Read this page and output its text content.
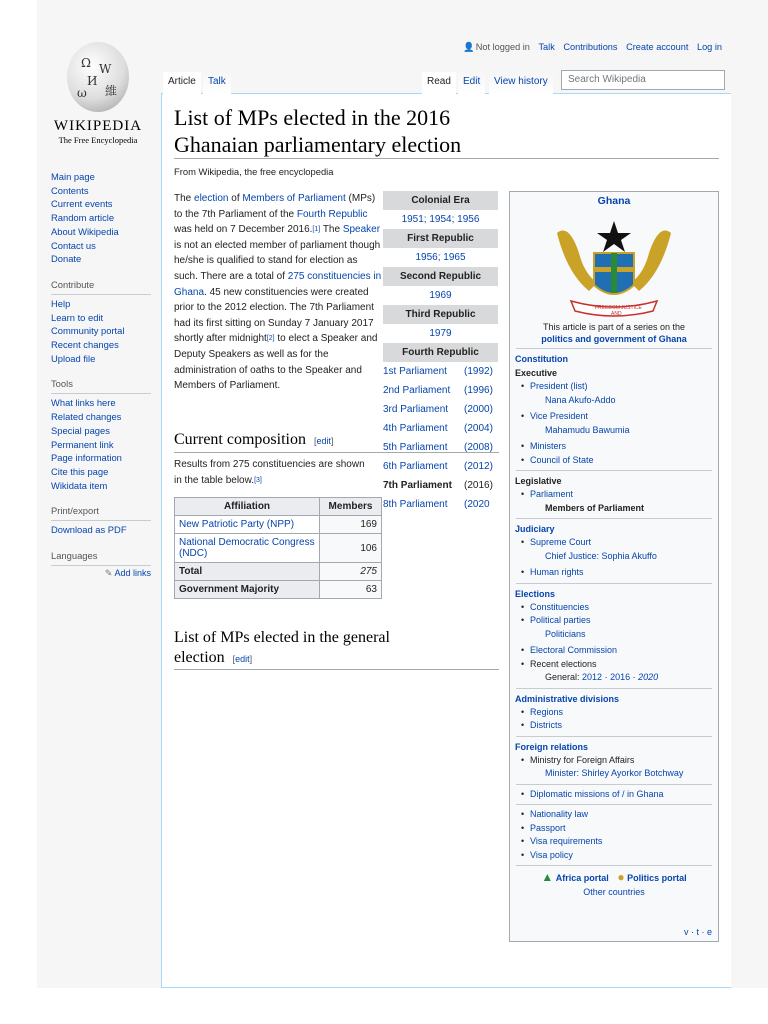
Ω W
И
維
ω
WIKIPEDIA
The Free Encyclopedia
👤Not logged in Talk Contributions Create account Log in
Main page
Contents
Current events
Random article
About Wikipedia
Contact us
Donate
Contribute
Help
Learn to edit
Community portal
Recent changes
Upload file
Tools
What links here
Related changes
Special pages
Permanent link
Page information
Cite this page
Wikidata item
Print/export
Download as PDF
Languages
✎ Add links
Article	Talk	Read	Edit	View history	Search Wikipedia
List of MPs elected in the 2016 Ghanaian parliamentary election
From Wikipedia, the free encyclopedia
The election of Members of Parliament (MPs) to the 7th Parliament of the Fourth Republic was held on 7 December 2016.[1] The Speaker is not an elected member of parliament though he/she is qualified to stand for election as such. There are a total of 275 constituencies in Ghana. 45 new constituencies were created prior to the 2012 election. The 7th Parliament had its first sitting on Sunday 7 January 2017 shortly after midnight[2] to elect a Speaker and Deputy Speakers as well as for the administration of oaths to the Speaker and Members of Parliament.
Current composition [edit]
Results from 275 constituencies are shown in the table below.[3]
Affiliation	Members
New Patriotic Party (NPP)	169
National Democratic Congress (NDC)	106
Total	275
Government Majority	63
List of MPs elected in the general election [edit]
Colonial Era
1951; 1954; 1956
First Republic
1956; 1965
Second Republic
1969
Third Republic
1979
Fourth Republic
1st Parliament (1992)
2nd Parliament (1996)
3rd Parliament (2000)
4th Parliament (2004)
5th Parliament (2008)
6th Parliament (2012)
7th Parliament (2016)
8th Parliament (2020
Ghana
FREEDOM
AND
JUSTICE
This article is part of a series on the
politics and government of Ghana
Constitution
Executive
• President (list)
Nana Akufo-Addo
• Vice President
Mahamudu Bawumia
• Ministers
• Council of State
Legislative
• Parliament
Members of Parliament
Judiciary
• Supreme Court
Chief Justice: Sophia Akuffo
• Human rights
Elections
• Constituencies
• Political parties
Politicians
• Electoral Commission
• Recent elections
General: 2012 · 2016 · 2020
Administrative divisions
• Regions
• Districts
Foreign relations
• Ministry for Foreign Affairs
Minister: Shirley Ayorkor Botchway
• Diplomatic missions of / in Ghana
• Nationality law
• Passport
• Visa requirements
• Visa policy
▲ Africa portal ● Politics portal
Other countries
v · t · e
